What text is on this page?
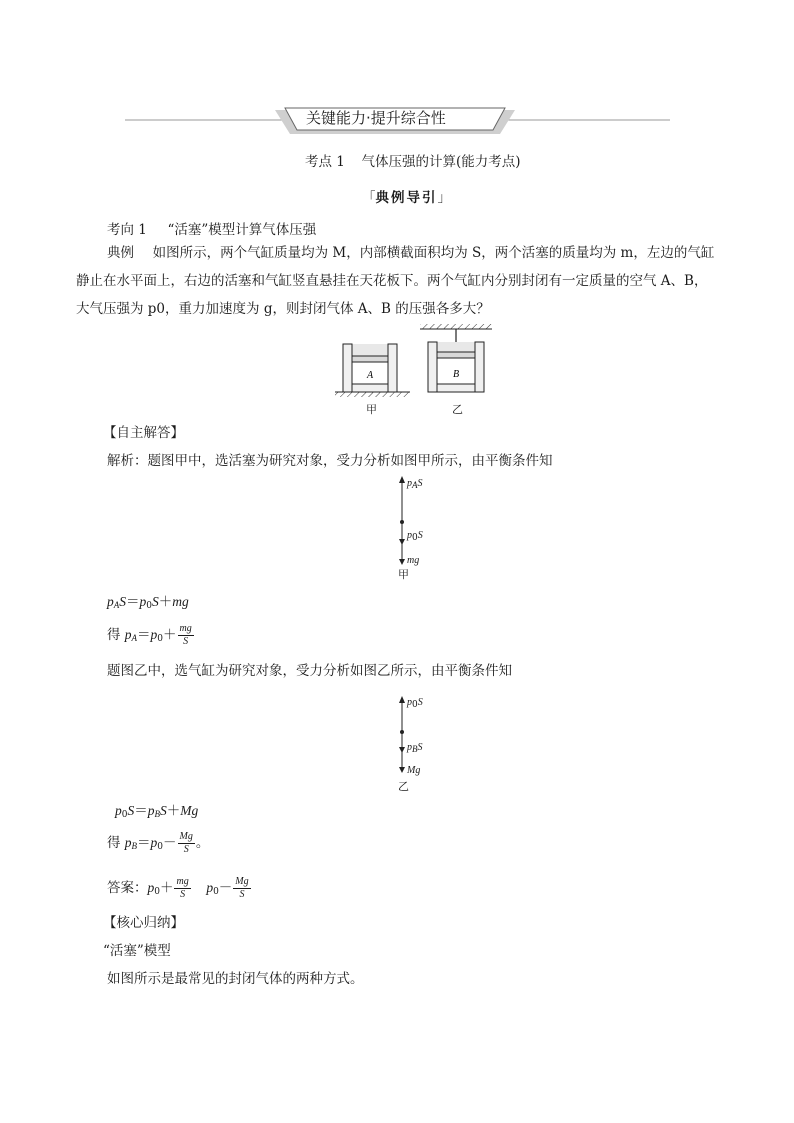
关键能力·提升综合性
考点 1 气体压强的计算(能力考点)
「典例导引」
考向 1 “活塞”模型计算气体压强
典例 如图所示，两个气缸质量均为 M，内部横截面积均为 S，两个活塞的质量均为 m，左边的气缸
静止在水平面上，右边的活塞和气缸竖直悬挂在天花板下。两个气缸内分别封闭有一定质量的空气 A、B，
大气压强为 p0，重力加速度为 g，则封闭气体 A、B 的压强各多大？
A	B
甲	乙
【自主解答】
解析：题图甲中，选活塞为研究对象，受力分析如图甲所示，由平衡条件知
$p_AS$
$p_0S$
mg
甲
$p_AS=p_0S+mg$
得 $p_A=p_0+ \frac{mg}{S}$
题图乙中，选气缸为研究对象，受力分析如图乙所示，由平衡条件知
$p_0S$
$p_BS$
Mg
乙
$p_0S=p_BS+Mg$
得 $p_B=p_0- \frac{Mg}{S}$ 。
答案：$p_0+ \frac{mg}{S} p_0- \frac{Mg}{S}$
【核心归纳】
“活塞”模型
如图所示是最常见的封闭气体的两种方式。
